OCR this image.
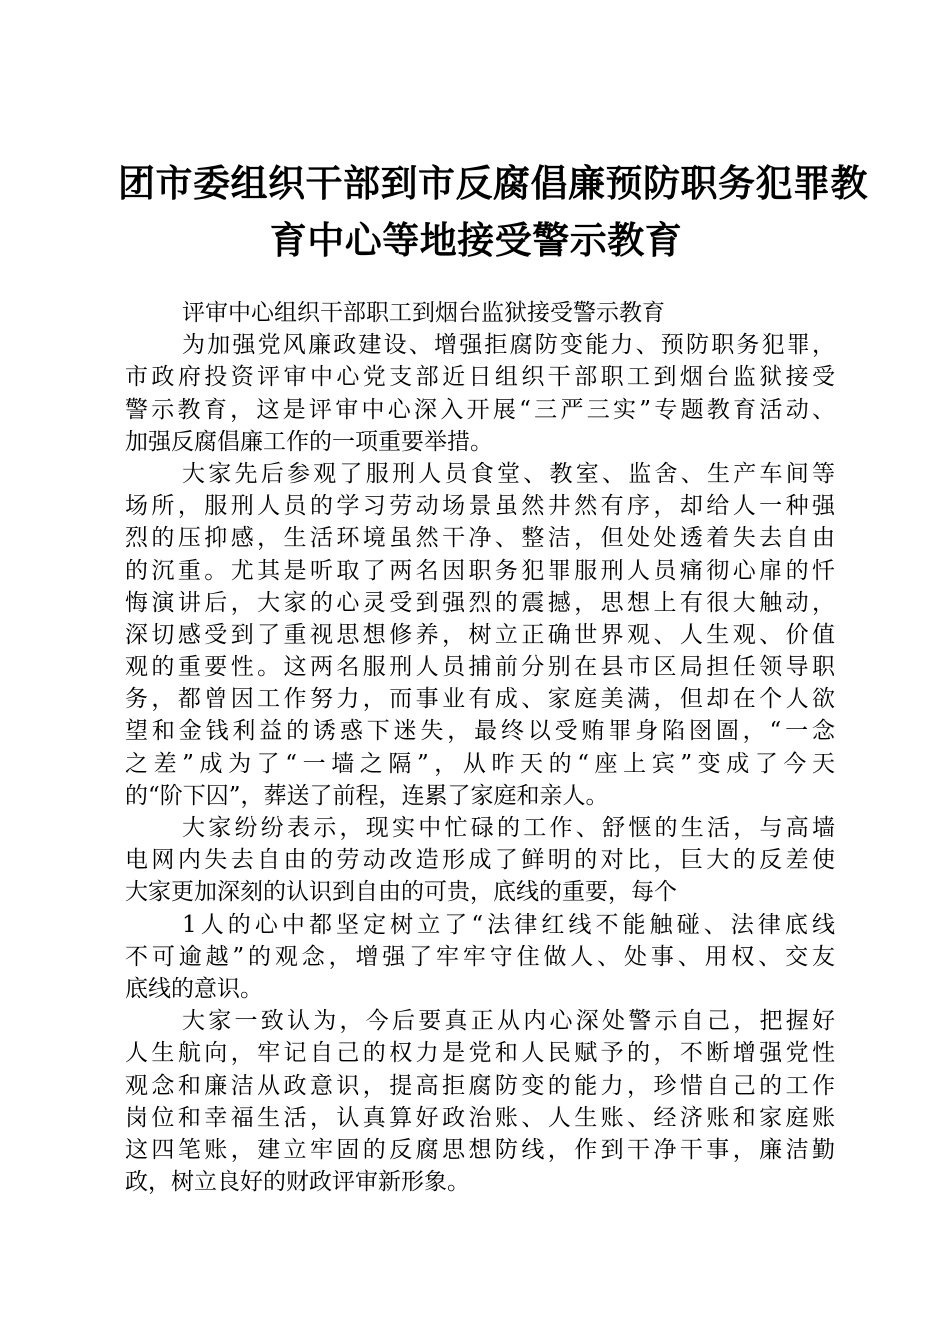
团市委组织干部到市反腐倡廉预防职务犯罪教
育中心等地接受警示教育
评审中心组织干部职工到烟台监狱接受警示教育
为加强党风廉政建设、增强拒腐防变能力、预防职务犯罪，
市政府投资评审中心党支部近日组织干部职工到烟台监狱接受
警示教育，这是评审中心深入开展“三严三实”专题教育活动、
加强反腐倡廉工作的一项重要举措。
大家先后参观了服刑人员食堂、教室、监舍、生产车间等
场所，服刑人员的学习劳动场景虽然井然有序，却给人一种强
烈的压抑感，生活环境虽然干净、整洁，但处处透着失去自由
的沉重。尤其是听取了两名因职务犯罪服刑人员痛彻心扉的忏
悔演讲后，大家的心灵受到强烈的震撼，思想上有很大触动，
深切感受到了重视思想修养，树立正确世界观、人生观、价值
观的重要性。这两名服刑人员捕前分别在县市区局担任领导职
务，都曾因工作努力，而事业有成、家庭美满，但却在个人欲
望和金钱利益的诱惑下迷失，最终以受贿罪身陷囹圄，“一念
之差”成为了“一墙之隔”，从昨天的“座上宾”变成了今天
的“阶下囚”，葬送了前程，连累了家庭和亲人。
大家纷纷表示，现实中忙碌的工作、舒惬的生活，与高墙
电网内失去自由的劳动改造形成了鲜明的对比，巨大的反差使
大家更加深刻的认识到自由的可贵，底线的重要，每个
1人的心中都坚定树立了“法律红线不能触碰、法律底线
不可逾越”的观念，增强了牢牢守住做人、处事、用权、交友
底线的意识。
大家一致认为，今后要真正从内心深处警示自己，把握好
人生航向，牢记自己的权力是党和人民赋予的，不断增强党性
观念和廉洁从政意识，提高拒腐防变的能力，珍惜自己的工作
岗位和幸福生活，认真算好政治账、人生账、经济账和家庭账
这四笔账，建立牢固的反腐思想防线，作到干净干事，廉洁勤
政，树立良好的财政评审新形象。
